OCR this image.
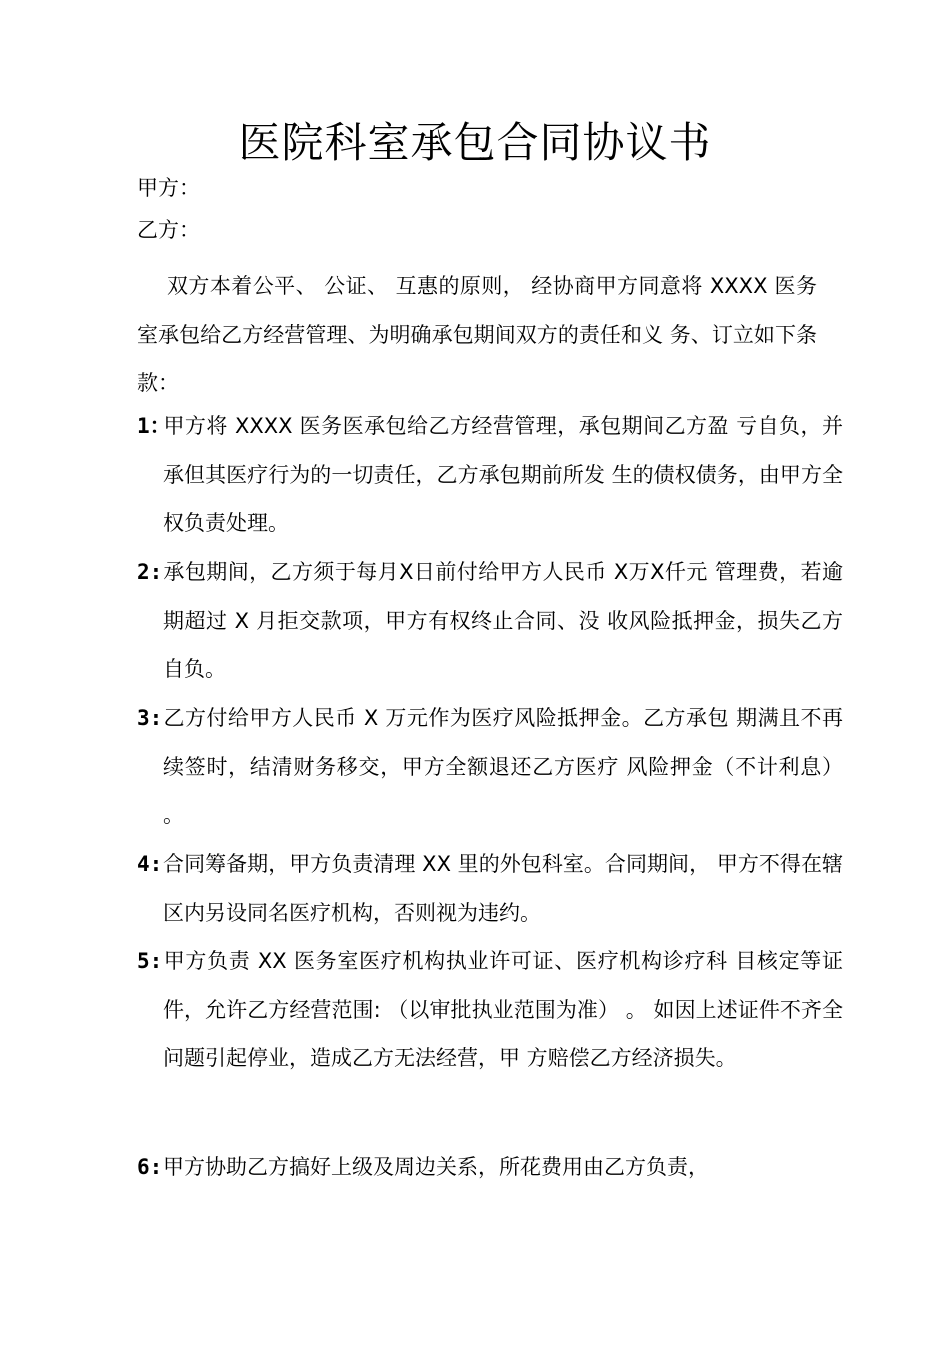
医院科室承包合同协议书

甲方：

乙方：

双方本着公平、 公证、 互惠的原则， 经协商甲方同意将 XXXX 医务室承包给乙方经营管理、为明确承包期间双方的责任和义 务、订立如下条款：

1：甲方将 XXXX 医务医承包给乙方经营管理，承包期间乙方盈 亏自负，并承但其医疗行为的一切责任，乙方承包期前所发 生的债权债务，由甲方全权负责处理。

2:承包期间，乙方须于每月X日前付给甲方人民币 X万X仟元 管理费，若逾期超过 X 月拒交款项，甲方有权终止合同、没 收风险抵押金，损失乙方自负。

3:乙方付给甲方人民币 X 万元作为医疗风险抵押金。乙方承包 期满且不再续签时，结清财务移交，甲方全额退还乙方医疗 风险押金（不计利息） 。

4:合同筹备期，甲方负责清理 XX 里的外包科室。合同期间， 甲方不得在辖区内另设同名医疗机构，否则视为违约。

5:甲方负责 XX 医务室医疗机构执业许可证、医疗机构诊疗科 目核定等证件，允许乙方经营范围: （以审批执业范围为准） 。 如因上述证件不齐全问题引起停业，造成乙方无法经营，甲 方赔偿乙方经济损失。

6:甲方协助乙方搞好上级及周边关系，所花费用由乙方负责，
